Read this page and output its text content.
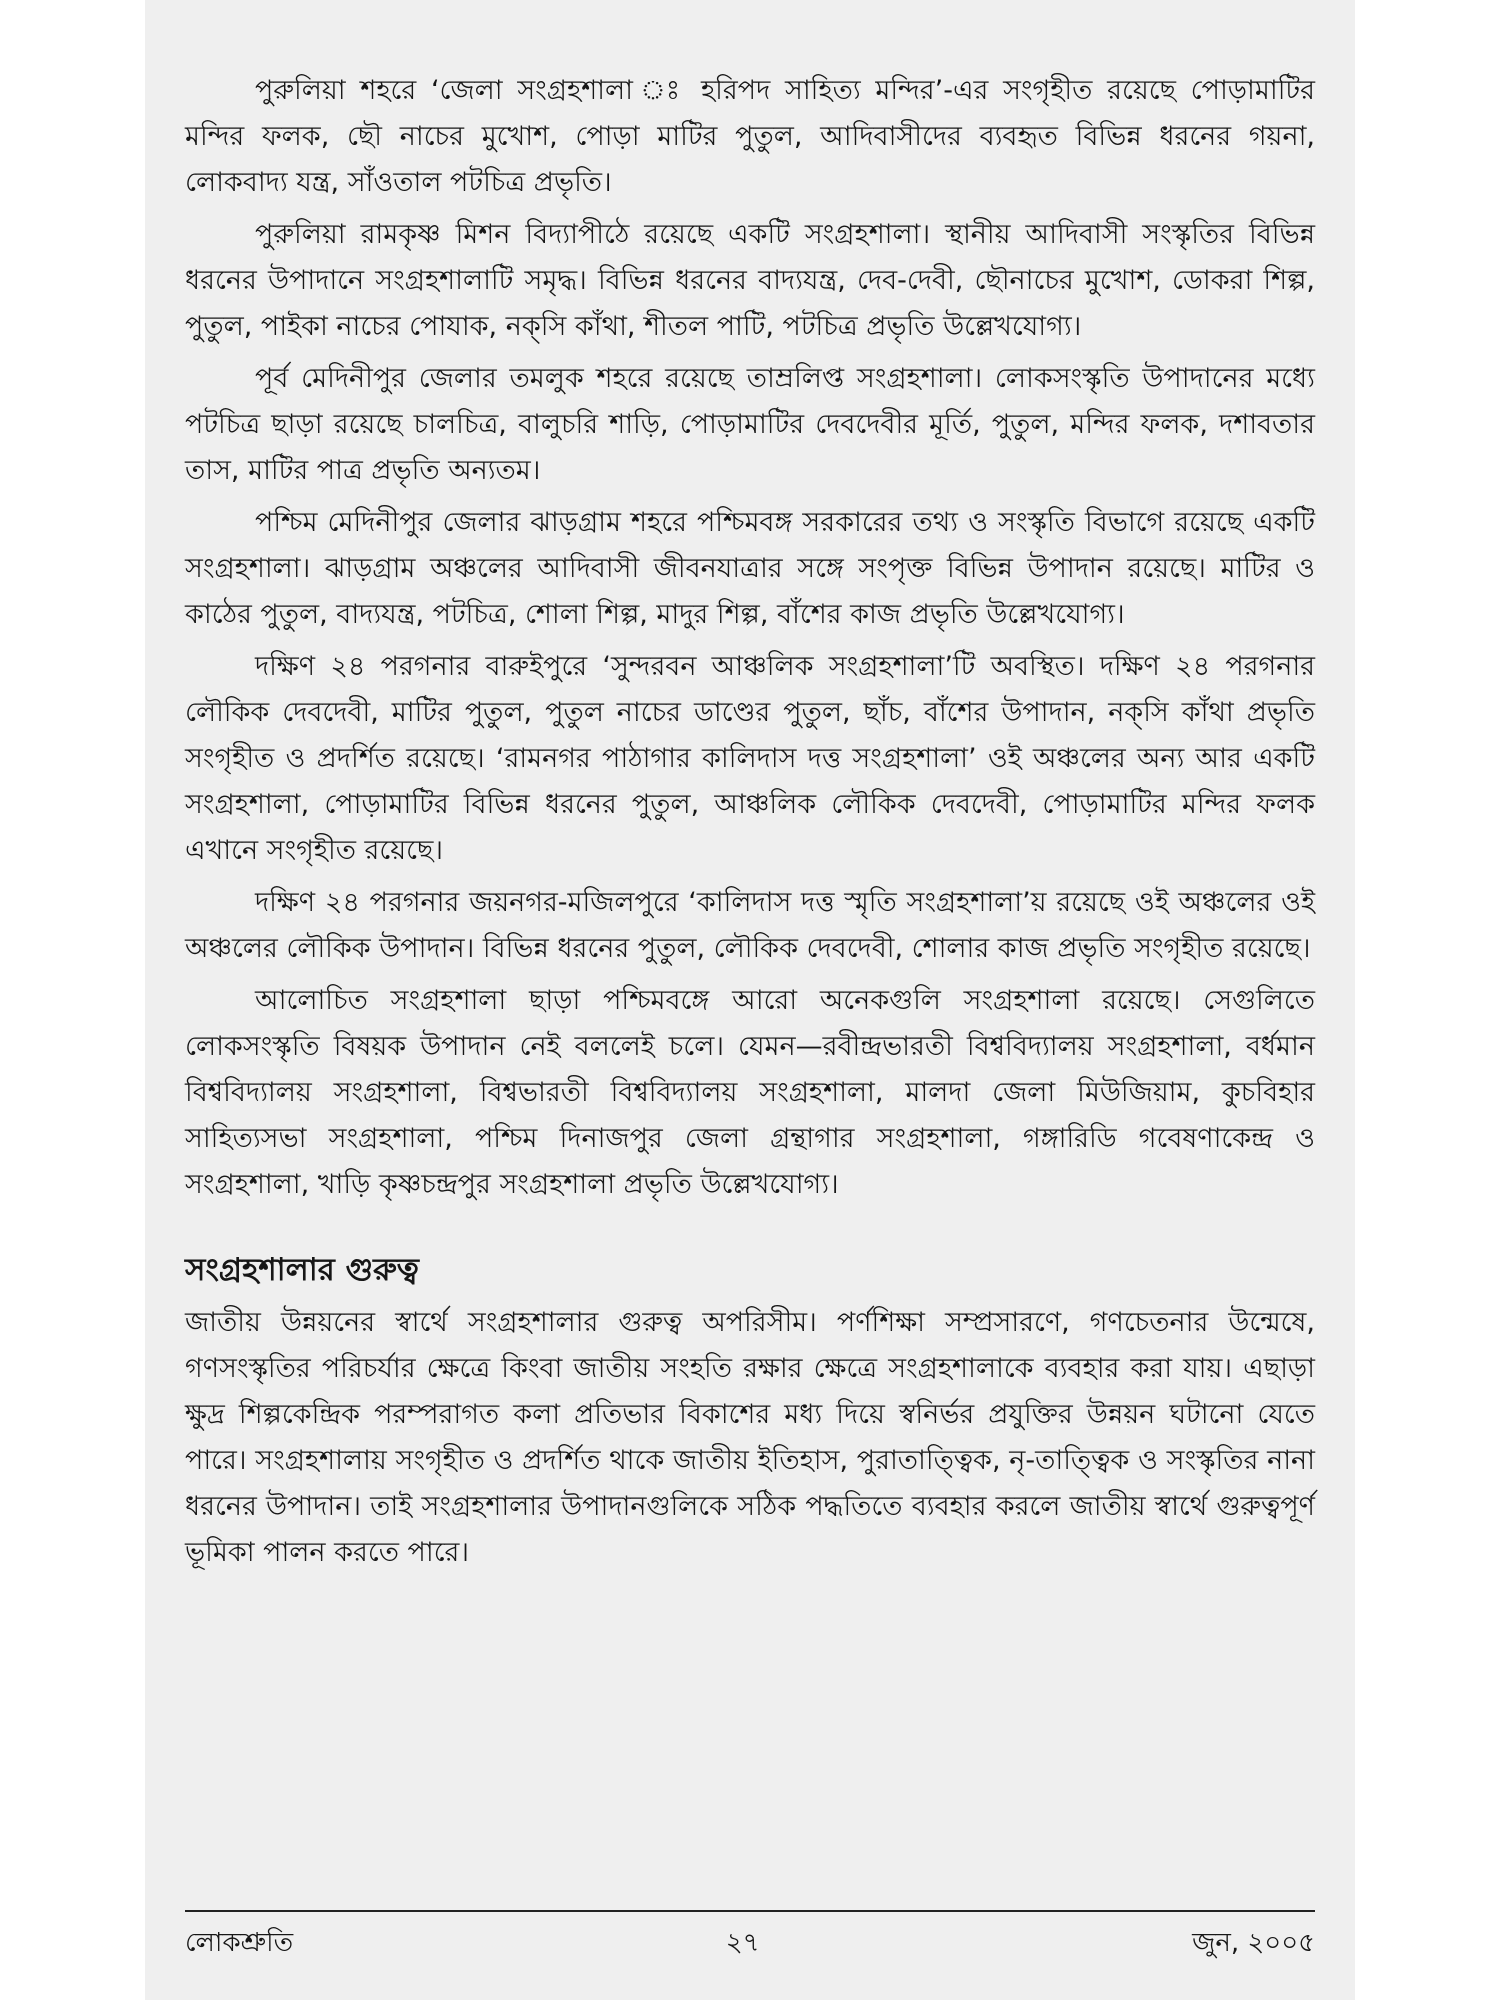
পুরুলিয়া শহরে ‘জেলা সংগ্রহশালা ঃ হরিপদ সাহিত্য মন্দির’-এর সংগৃহীত রয়েছে পোড়ামাটির মন্দির ফলক, ছৌ নাচের মুখোশ, পোড়া মাটির পুতুল, আদিবাসীদের ব্যবহৃত বিভিন্ন ধরনের গয়না, লোকবাদ্য যন্ত্র, সাঁওতাল পটচিত্র প্রভৃতি।

পুরুলিয়া রামকৃষ্ণ মিশন বিদ্যাপীঠে রয়েছে একটি সংগ্রহশালা। স্থানীয় আদিবাসী সংস্কৃতির বিভিন্ন ধরনের উপাদানে সংগ্রহশালাটি সমৃদ্ধ। বিভিন্ন ধরনের বাদ্যযন্ত্র, দেব-দেবী, ছৌনাচের মুখোশ, ডোকরা শিল্প, পুতুল, পাইকা নাচের পোযাক, নক্‌সি কাঁথা, শীতল পাটি, পটচিত্র প্রভৃতি উল্লেখযোগ্য।

পূর্ব মেদিনীপুর জেলার তমলুক শহরে রয়েছে তাম্রলিপ্ত সংগ্রহশালা। লোকসংস্কৃতি উপাদানের মধ্যে পটচিত্র ছাড়া রয়েছে চালচিত্র, বালুচরি শাড়ি, পোড়ামাটির দেবদেবীর মূর্তি, পুতুল, মন্দির ফলক, দশাবতার তাস, মাটির পাত্র প্রভৃতি অন্যতম।

পশ্চিম মেদিনীপুর জেলার ঝাড়গ্রাম শহরে পশ্চিমবঙ্গ সরকারের তথ্য ও সংস্কৃতি বিভাগে রয়েছে একটি সংগ্রহশালা। ঝাড়গ্রাম অঞ্চলের আদিবাসী জীবনযাত্রার সঙ্গে সংপৃক্ত বিভিন্ন উপাদান রয়েছে। মাটির ও কাঠের পুতুল, বাদ্যযন্ত্র, পটচিত্র, শোলা শিল্প, মাদুর শিল্প, বাঁশের কাজ প্রভৃতি উল্লেখযোগ্য।

দক্ষিণ ২৪ পরগনার বারুইপুরে ‘সুন্দরবন আঞ্চলিক সংগ্রহশালা’টি অবস্থিত। দক্ষিণ ২৪ পরগনার লৌকিক দেবদেবী, মাটির পুতুল, পুতুল নাচের ডাণ্ডের পুতুল, ছাঁচ, বাঁশের উপাদান, নক্‌সি কাঁথা প্রভৃতি সংগৃহীত ও প্রদর্শিত রয়েছে। ‘রামনগর পাঠাগার কালিদাস দত্ত সংগ্রহশালা’ ওই অঞ্চলের অন্য আর একটি সংগ্রহশালা, পোড়ামাটির বিভিন্ন ধরনের পুতুল, আঞ্চলিক লৌকিক দেবদেবী, পোড়ামাটির মন্দির ফলক এখানে সংগৃহীত রয়েছে।

দক্ষিণ ২৪ পরগনার জয়নগর-মজিলপুরে ‘কালিদাস দত্ত স্মৃতি সংগ্রহশালা’য় রয়েছে ওই অঞ্চলের ওই অঞ্চলের লৌকিক উপাদান। বিভিন্ন ধরনের পুতুল, লৌকিক দেবদেবী, শোলার কাজ প্রভৃতি সংগৃহীত রয়েছে।

আলোচিত সংগ্রহশালা ছাড়া পশ্চিমবঙ্গে আরো অনেকগুলি সংগ্রহশালা রয়েছে। সেগুলিতে লোকসংস্কৃতি বিষয়ক উপাদান নেই বললেই চলে। যেমন—রবীন্দ্রভারতী বিশ্ববিদ্যালয় সংগ্রহশালা, বর্ধমান বিশ্ববিদ্যালয় সংগ্রহশালা, বিশ্বভারতী বিশ্ববিদ্যালয় সংগ্রহশালা, মালদা জেলা মিউজিয়াম, কুচবিহার সাহিত্যসভা সংগ্রহশালা, পশ্চিম দিনাজপুর জেলা গ্রন্থাগার সংগ্রহশালা, গঙ্গারিডি গবেষণাকেন্দ্র ও সংগ্রহশালা, খাড়ি কৃষ্ণচন্দ্রপুর সংগ্রহশালা প্রভৃতি উল্লেখযোগ্য।

সংগ্রহশালার গুরুত্ব

জাতীয় উন্নয়নের স্বার্থে সংগ্রহশালার গুরুত্ব অপরিসীম। পর্ণশিক্ষা সম্প্রসারণে, গণচেতনার উন্মেষে, গণসংস্কৃতির পরিচর্যার ক্ষেত্রে কিংবা জাতীয় সংহতি রক্ষার ক্ষেত্রে সংগ্রহশালাকে ব্যবহার করা যায়। এছাড়া ক্ষুদ্র শিল্পকেন্দ্রিক পরম্পরাগত কলা প্রতিভার বিকাশের মধ্য দিয়ে স্বনির্ভর প্রযুক্তির উন্নয়ন ঘটানো যেতে পারে। সংগ্রহশালায় সংগৃহীত ও প্রদর্শিত থাকে জাতীয় ইতিহাস, পুরাতাত্ত্বিক, নৃ-তাত্ত্বিক ও সংস্কৃতির নানা ধরনের উপাদান। তাই সংগ্রহশালার উপাদানগুলিকে সঠিক পদ্ধতিতে ব্যবহার করলে জাতীয় স্বার্থে গুরুত্বপূর্ণ ভূমিকা পালন করতে পারে।

লোকশ্রুতি	২৭	জুন, ২০০৫
